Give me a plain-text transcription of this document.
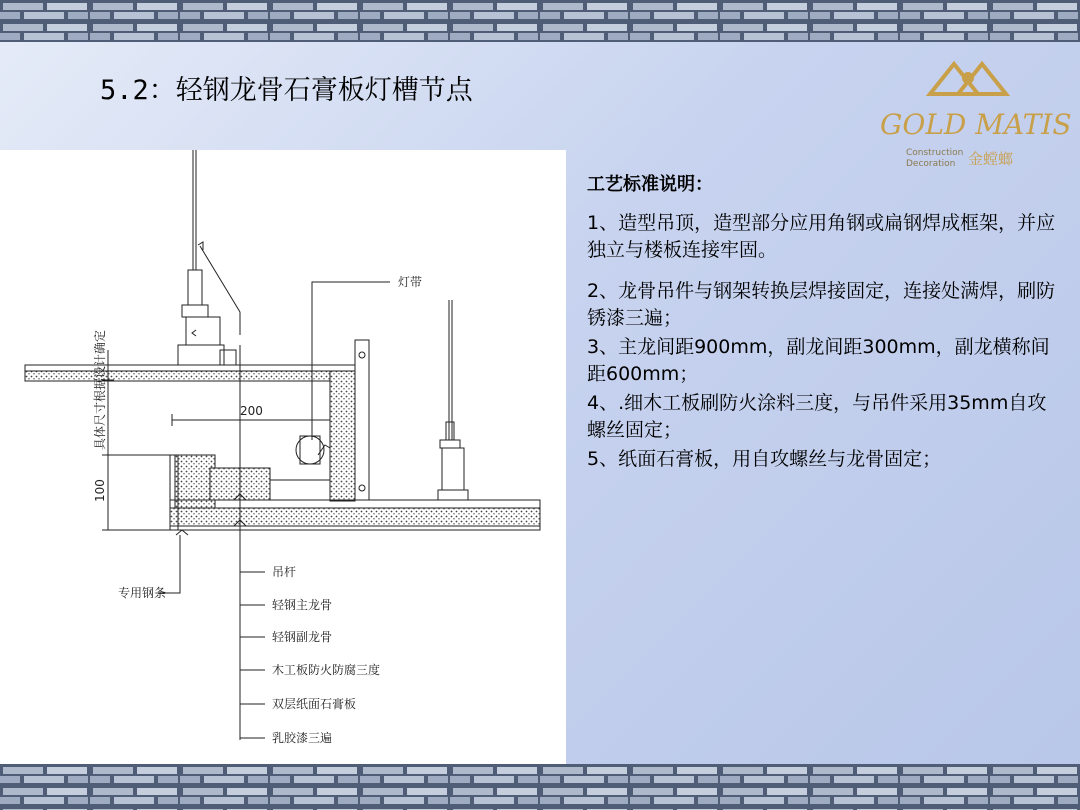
5.2：轻钢龙骨石膏板灯槽节点
GOLD MATIS
Construction
Decoration 金螳螂
200
100
具体尺寸根据设计确定
灯带
专用钢条
吊杆
轻钢主龙骨
轻钢副龙骨
木工板防火防腐三度
双层纸面石膏板
乳胶漆三遍
工艺标准说明：
1、造型吊顶，造型部分应用角钢或扁钢焊成框架，并应独立与楼板连接牢固。
2、龙骨吊件与钢架转换层焊接固定，连接处满焊，刷防锈漆三遍；
3、主龙间距900mm，副龙间距300mm，副龙横称间距600mm；
4、.细木工板刷防火涂料三度，与吊件采用35mm自攻螺丝固定；
5、纸面石膏板，用自攻螺丝与龙骨固定；
